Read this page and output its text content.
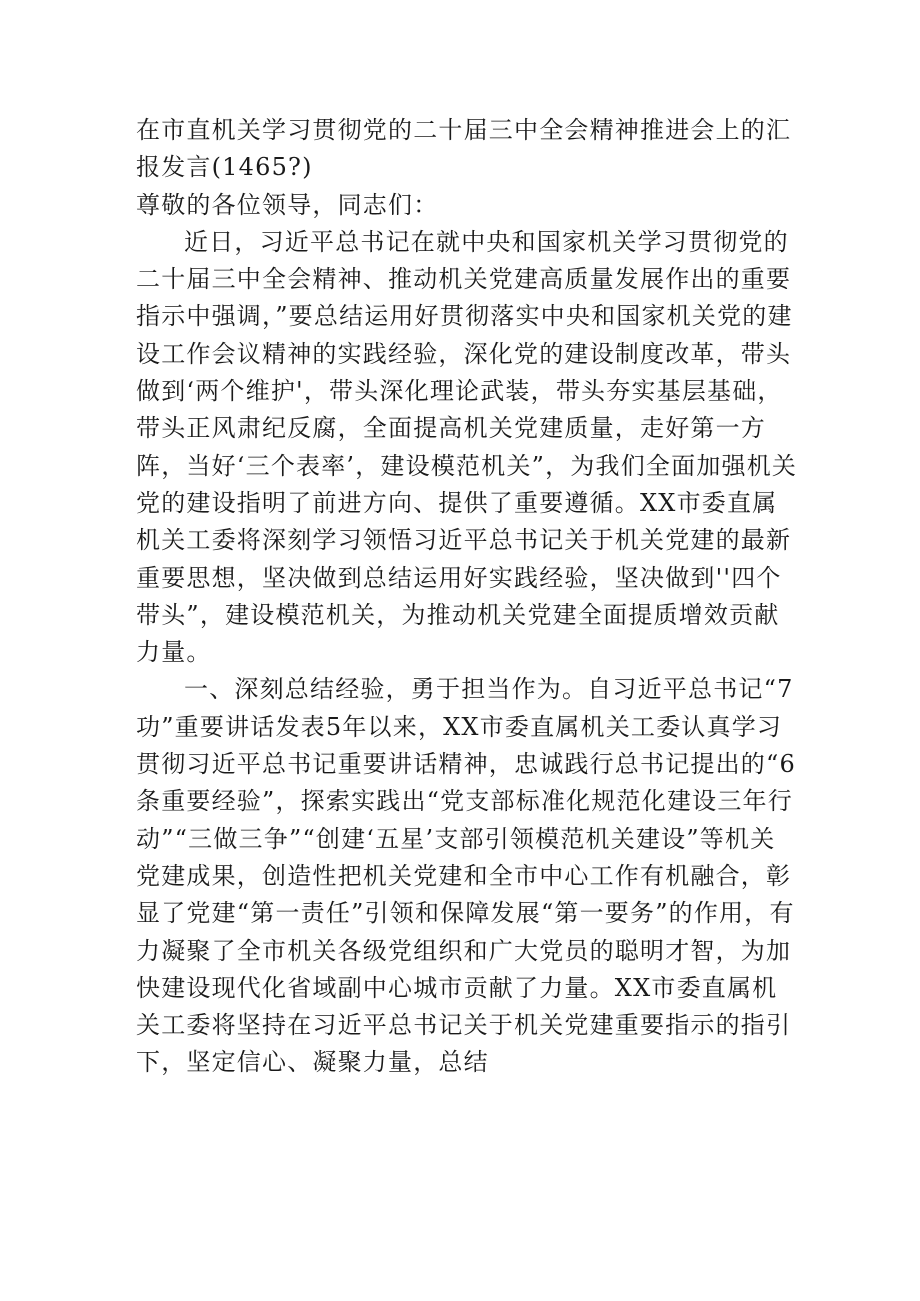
在市直机关学习贯彻党的二十届三中全会精神推进会上的汇报发言(1465?)

尊敬的各位领导，同志们：

近日，习近平总书记在就中央和国家机关学习贯彻党的二十届三中全会精神、推动机关党建高质量发展作出的重要指示中强调，”要总结运用好贯彻落实中央和国家机关党的建设工作会议精神的实践经验，深化党的建设制度改革，带头做到‘两个维护'，带头深化理论武装，带头夯实基层基础，带头正风肃纪反腐，全面提高机关党建质量，走好第一方阵，当好‘三个表率’，建设模范机关”，为我们全面加强机关党的建设指明了前进方向、提供了重要遵循。XX市委直属机关工委将深刻学习领悟习近平总书记关于机关党建的最新重要思想，坚决做到总结运用好实践经验，坚决做到''四个带头”，建设模范机关，为推动机关党建全面提质增效贡献力量。

一、深刻总结经验，勇于担当作为。自习近平总书记“7功”重要讲话发表5年以来，XX市委直属机关工委认真学习贯彻习近平总书记重要讲话精神，忠诚践行总书记提出的“6条重要经验”，探索实践出“党支部标准化规范化建设三年行动”“三做三争”“创建‘五星’支部引领模范机关建设”等机关党建成果，创造性把机关党建和全市中心工作有机融合，彰显了党建“第一责任”引领和保障发展“第一要务”的作用，有力凝聚了全市机关各级党组织和广大党员的聪明才智，为加快建设现代化省域副中心城市贡献了力量。XX市委直属机关工委将坚持在习近平总书记关于机关党建重要指示的指引下，坚定信心、凝聚力量，总结
